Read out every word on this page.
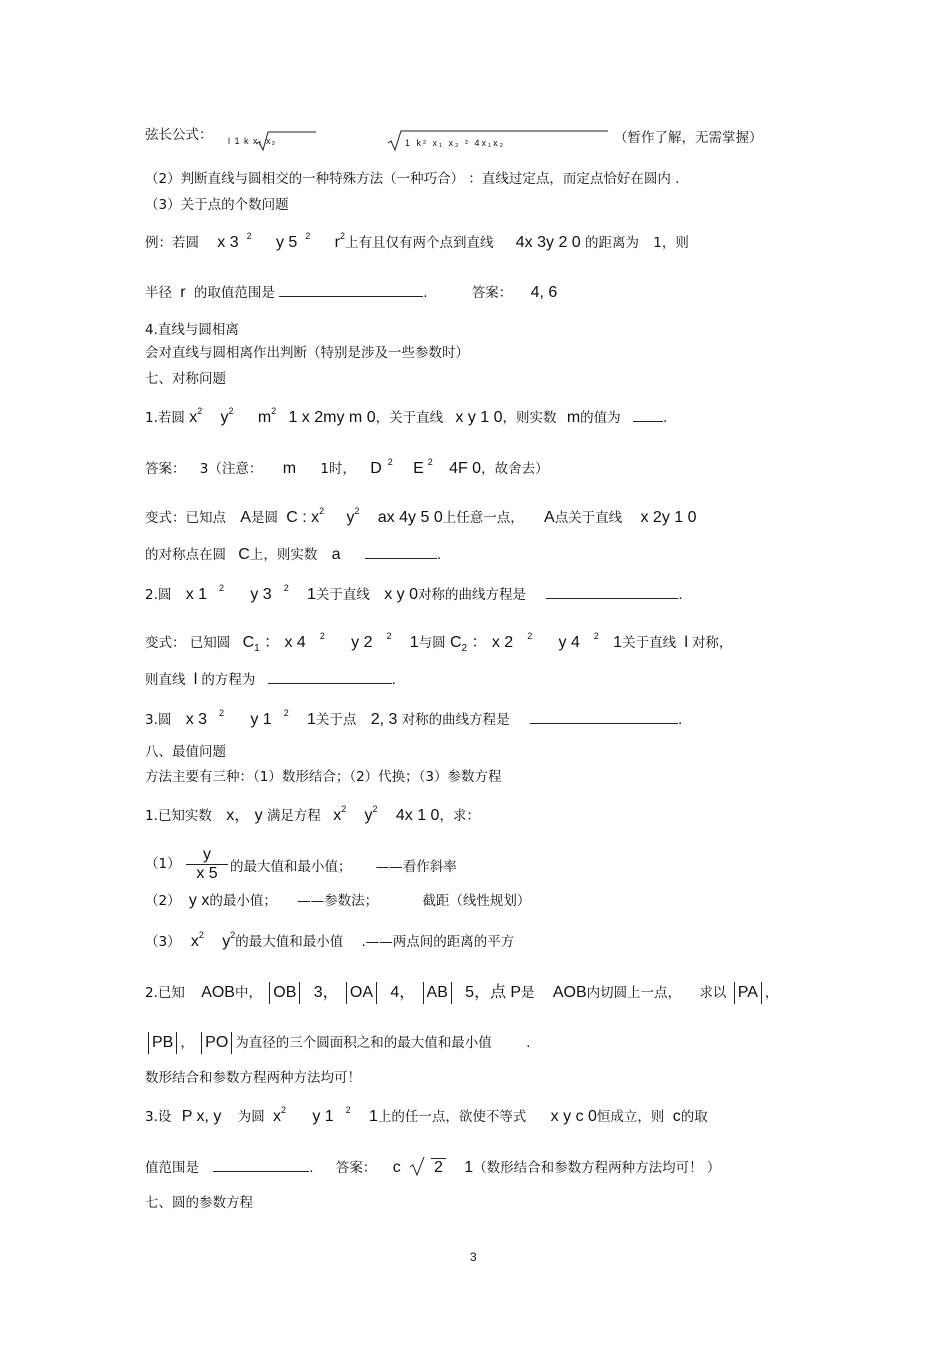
弦长公式： l 1 k x₁ x₂	1 k² x₁ x₂ ² 4x₁x₂	（暂作了解，无需掌握）
（2）判断直线与圆相交的一种特殊方法（一种巧合） ：直线过定点，而定点恰好在圆内 .
（3）关于点的个数问题
例：若圆 x 3 $^2$ y 5 $^2$ $r^2$上有且仅有两个点到直线 4x 3y 2 0 的距离为 1，则
半径 r 的取值范围是	.	答案： 4, 6
4.直线与圆相离
会对直线与圆相离作出判断（特别是涉及一些参数时）
七、对称问题
1.若圆 $x^2$ $y^2$ $m^2$ 1 x 2my m 0，关于直线 x y 1 0，则实数 m的值为	.
答案： 3（注意： m 1时， D $^2$ E $^2$ 4F 0，故舍去）
变式：已知点 A是圆 C : $x^2$ $y^2$ ax 4y 5 0上任意一点， A点关于直线 x 2y 1 0
的对称点在圆 C上，则实数 a	.
2.圆 x 1 $^2$ y 3 $^2$ 1关于直线 x y 0对称的曲线方程是	.
变式： 已知圆 $C_1$ ： x 4 $^2$ y 2 $^2$ 1与圆 $C_2$ ： x 2 $^2$ y 4 $^2$ 1关于直线 l 对称，
则直线 l 的方程为	.
3.圆 x 3 $^2$ y 1 $^2$ 1关于点 2, 3 对称的曲线方程是	.
八、最值问题
方法主要有三种：（1）数形结合；（2）代换；（3）参数方程
1.已知实数 x， y 满足方程 $x^2$ $y^2$ 4x 1 0，求：
$(1) \frac{y}{x 5}$ 的最大值和最小值； ——看作斜率
（2） y x的最小值； ——参数法；	截距（线性规划）
（3） $x^2$ $y^2$的最大值和最小值 .——两点间的距离的平方
2.已知 AOB中， OB 3， OA 4， AB 5，点 P是 AOB内切圆上一点， 求以 PA ，
PB ， PO 为直径的三个圆面积之和的最大值和最小值	.
数形结合和参数方程两种方法均可！
3.设 P x, y 为圆 $x^2$ y 1 $^2$ 1上的任一点，欲使不等式 x y c 0恒成立，则 c的取
值范围是	. 答案： c 2 1（数形结合和参数方程两种方法均可！ ）
七、圆的参数方程
3
